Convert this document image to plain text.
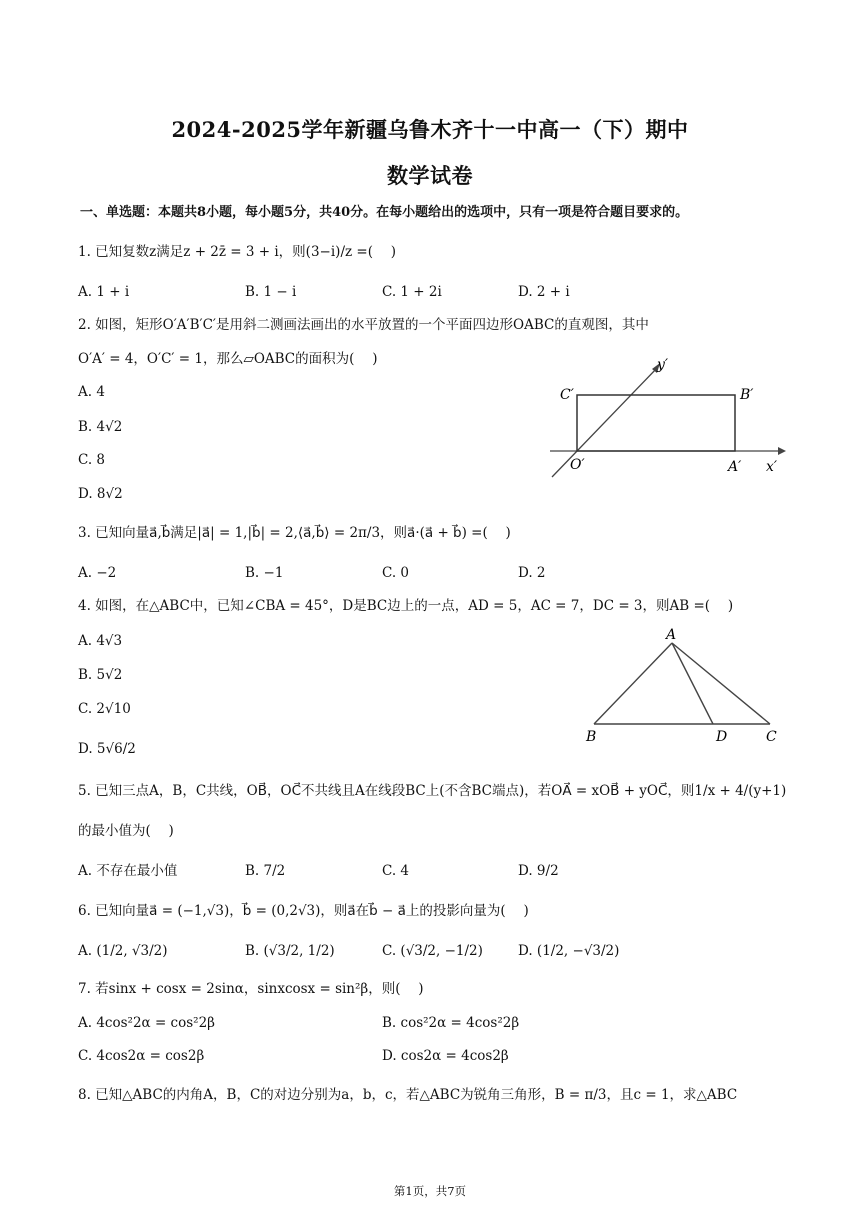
2024-2025学年新疆乌鲁木齐十一中高一（下）期中
数学试卷
一、单选题：本题共8小题，每小题5分，共40分。在每小题给出的选项中，只有一项是符合题目要求的。
1. 已知复数z满足z + 2z̄ = 3 + i，则(3−i)/z =(　 )
A. 1 + i	B. 1 − i	C. 1 + 2i	D. 2 + i
2. 如图，矩形O′A′B′C′是用斜二测画法画出的水平放置的一个平面四边形OABC的直观图，其中
O′A′ = 4，O′C′ = 1，那么▱OABC的面积为(　 )
A. 4
B. 4√2
C. 8
D. 8√2
C′	B′
O′	A′ x′
y′
3. 已知向量a⃗,b⃗满足|a⃗| = 1,|b⃗| = 2,⟨a⃗,b⃗⟩ = 2π/3，则a⃗·(a⃗ + b⃗) =(　 )
A. −2	B. −1	C. 0	D. 2
4. 如图，在△ABC中，已知∠CBA = 45°，D是BC边上的一点，AD = 5，AC = 7，DC = 3，则AB =(　 )
A. 4√3
B. 5√2
C. 2√10
D. 5√6/2
A
B	D	C
5. 已知三点A，B，C共线，OB⃗，OC⃗不共线且A在线段BC上(不含BC端点)，若OA⃗ = xOB⃗ + yOC⃗，则1/x + 4/(y+1)
的最小值为(　 )
A. 不存在最小值	B. 7/2	C. 4	D. 9/2
6. 已知向量a⃗ = (−1,√3)，b⃗ = (0,2√3)，则a⃗在b⃗ − a⃗上的投影向量为(　 )
A. (1/2, √3/2)	B. (√3/2, 1/2)	C. (√3/2, −1/2)	D. (1/2, −√3/2)
7. 若sinx + cosx = 2sinα，sinxcosx = sin²β，则(　 )
A. 4cos²2α = cos²2β	B. cos²2α = 4cos²2β
C. 4cos2α = cos2β	D. cos2α = 4cos2β
8. 已知△ABC的内角A，B，C的对边分别为a，b，c，若△ABC为锐角三角形，B = π/3，且c = 1，求△ABC
第1页，共7页
